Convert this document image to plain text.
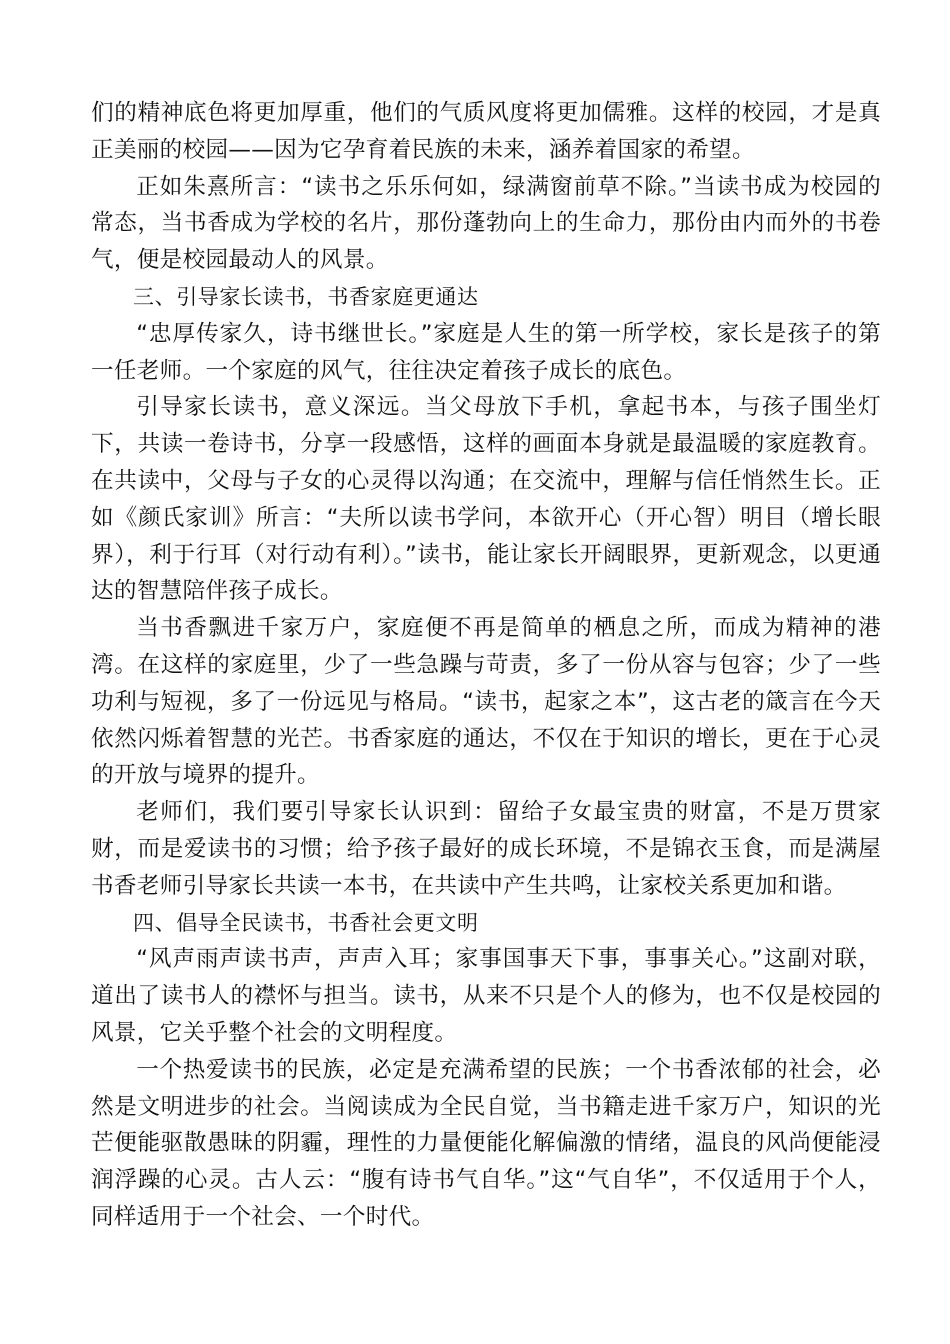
们的精神底色将更加厚重，他们的气质风度将更加儒雅。这样的校园，才是真正美丽的校园——因为它孕育着民族的未来，涵养着国家的希望。

正如朱熹所言：“读书之乐乐何如，绿满窗前草不除。”当读书成为校园的常态，当书香成为学校的名片，那份蓬勃向上的生命力，那份由内而外的书卷气，便是校园最动人的风景。

三、引导家长读书，书香家庭更通达

“忠厚传家久，诗书继世长。”家庭是人生的第一所学校，家长是孩子的第一任老师。一个家庭的风气，往往决定着孩子成长的底色。

引导家长读书，意义深远。当父母放下手机，拿起书本，与孩子围坐灯下，共读一卷诗书，分享一段感悟，这样的画面本身就是最温暖的家庭教育。在共读中，父母与子女的心灵得以沟通；在交流中，理解与信任悄然生长。正如《颜氏家训》所言：“夫所以读书学问，本欲开心（开心智）明目（增长眼界），利于行耳（对行动有利）。”读书，能让家长开阔眼界，更新观念，以更通达的智慧陪伴孩子成长。

当书香飘进千家万户，家庭便不再是简单的栖息之所，而成为精神的港湾。在这样的家庭里，少了一些急躁与苛责，多了一份从容与包容；少了一些功利与短视，多了一份远见与格局。“读书，起家之本”，这古老的箴言在今天依然闪烁着智慧的光芒。书香家庭的通达，不仅在于知识的增长，更在于心灵的开放与境界的提升。

老师们，我们要引导家长认识到：留给子女最宝贵的财富，不是万贯家财，而是爱读书的习惯；给予孩子最好的成长环境，不是锦衣玉食，而是满屋书香老师引导家长共读一本书，在共读中产生共鸣，让家校关系更加和谐。

四、倡导全民读书，书香社会更文明

“风声雨声读书声，声声入耳；家事国事天下事，事事关心。”这副对联，道出了读书人的襟怀与担当。读书，从来不只是个人的修为，也不仅是校园的风景，它关乎整个社会的文明程度。

一个热爱读书的民族，必定是充满希望的民族；一个书香浓郁的社会，必然是文明进步的社会。当阅读成为全民自觉，当书籍走进千家万户，知识的光芒便能驱散愚昧的阴霾，理性的力量便能化解偏激的情绪，温良的风尚便能浸润浮躁的心灵。古人云：“腹有诗书气自华。”这“气自华”，不仅适用于个人，同样适用于一个社会、一个时代。
